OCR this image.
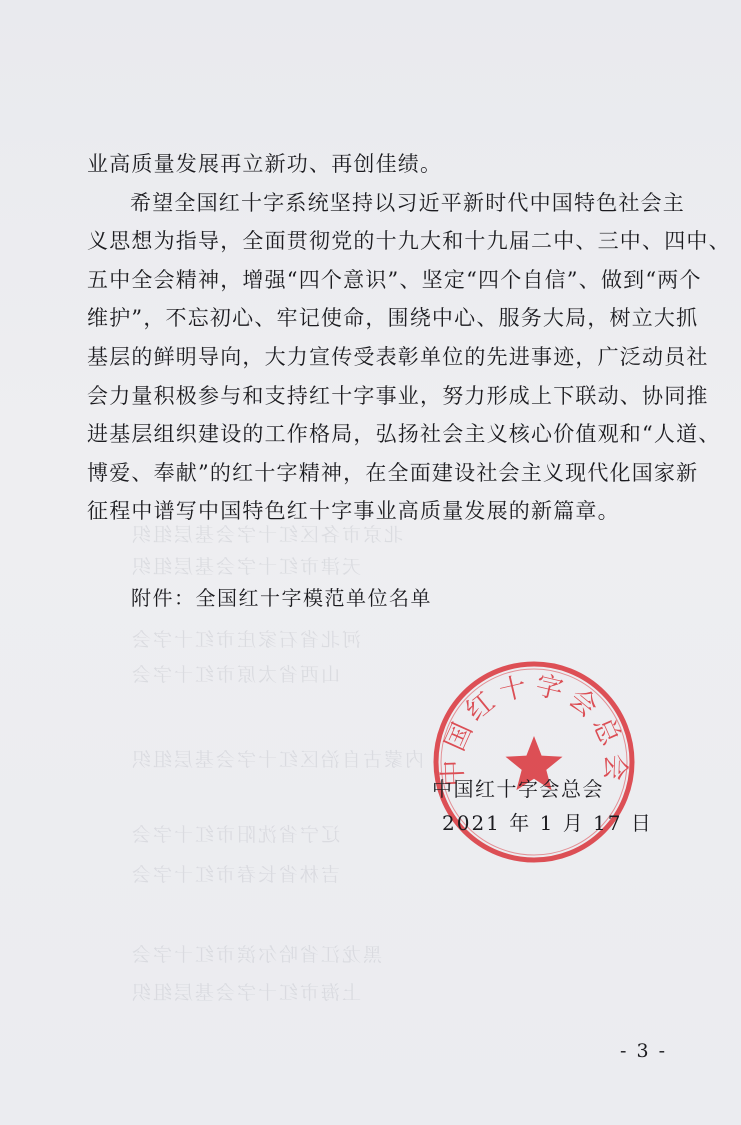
北京市各区红十字会基层组织
天津市红十字会基层组织
河北省石家庄市红十字会
山西省太原市红十字会
内蒙古自治区红十字会基层组织
辽宁省沈阳市红十字会
吉林省长春市红十字会
黑龙江省哈尔滨市红十字会
上海市红十字会基层组织
业高质量发展再立新功、再创佳绩。
希望全国红十字系统坚持以习近平新时代中国特色社会主
义思想为指导，全面贯彻党的十九大和十九届二中、三中、四中、
五中全会精神，增强“四个意识”、坚定“四个自信”、做到“两个
维护”，不忘初心、牢记使命，围绕中心、服务大局，树立大抓
基层的鲜明导向，大力宣传受表彰单位的先进事迹，广泛动员社
会力量积极参与和支持红十字事业，努力形成上下联动、协同推
进基层组织建设的工作格局，弘扬社会主义核心价值观和“人道、
博爱、奉献”的红十字精神，在全面建设社会主义现代化国家新
征程中谱写中国特色红十字事业高质量发展的新篇章。
附件：全国红十字模范单位名单
中国红十字会总会
中国红十字会总会
2021 年 1 月 17 日
- 3 -
